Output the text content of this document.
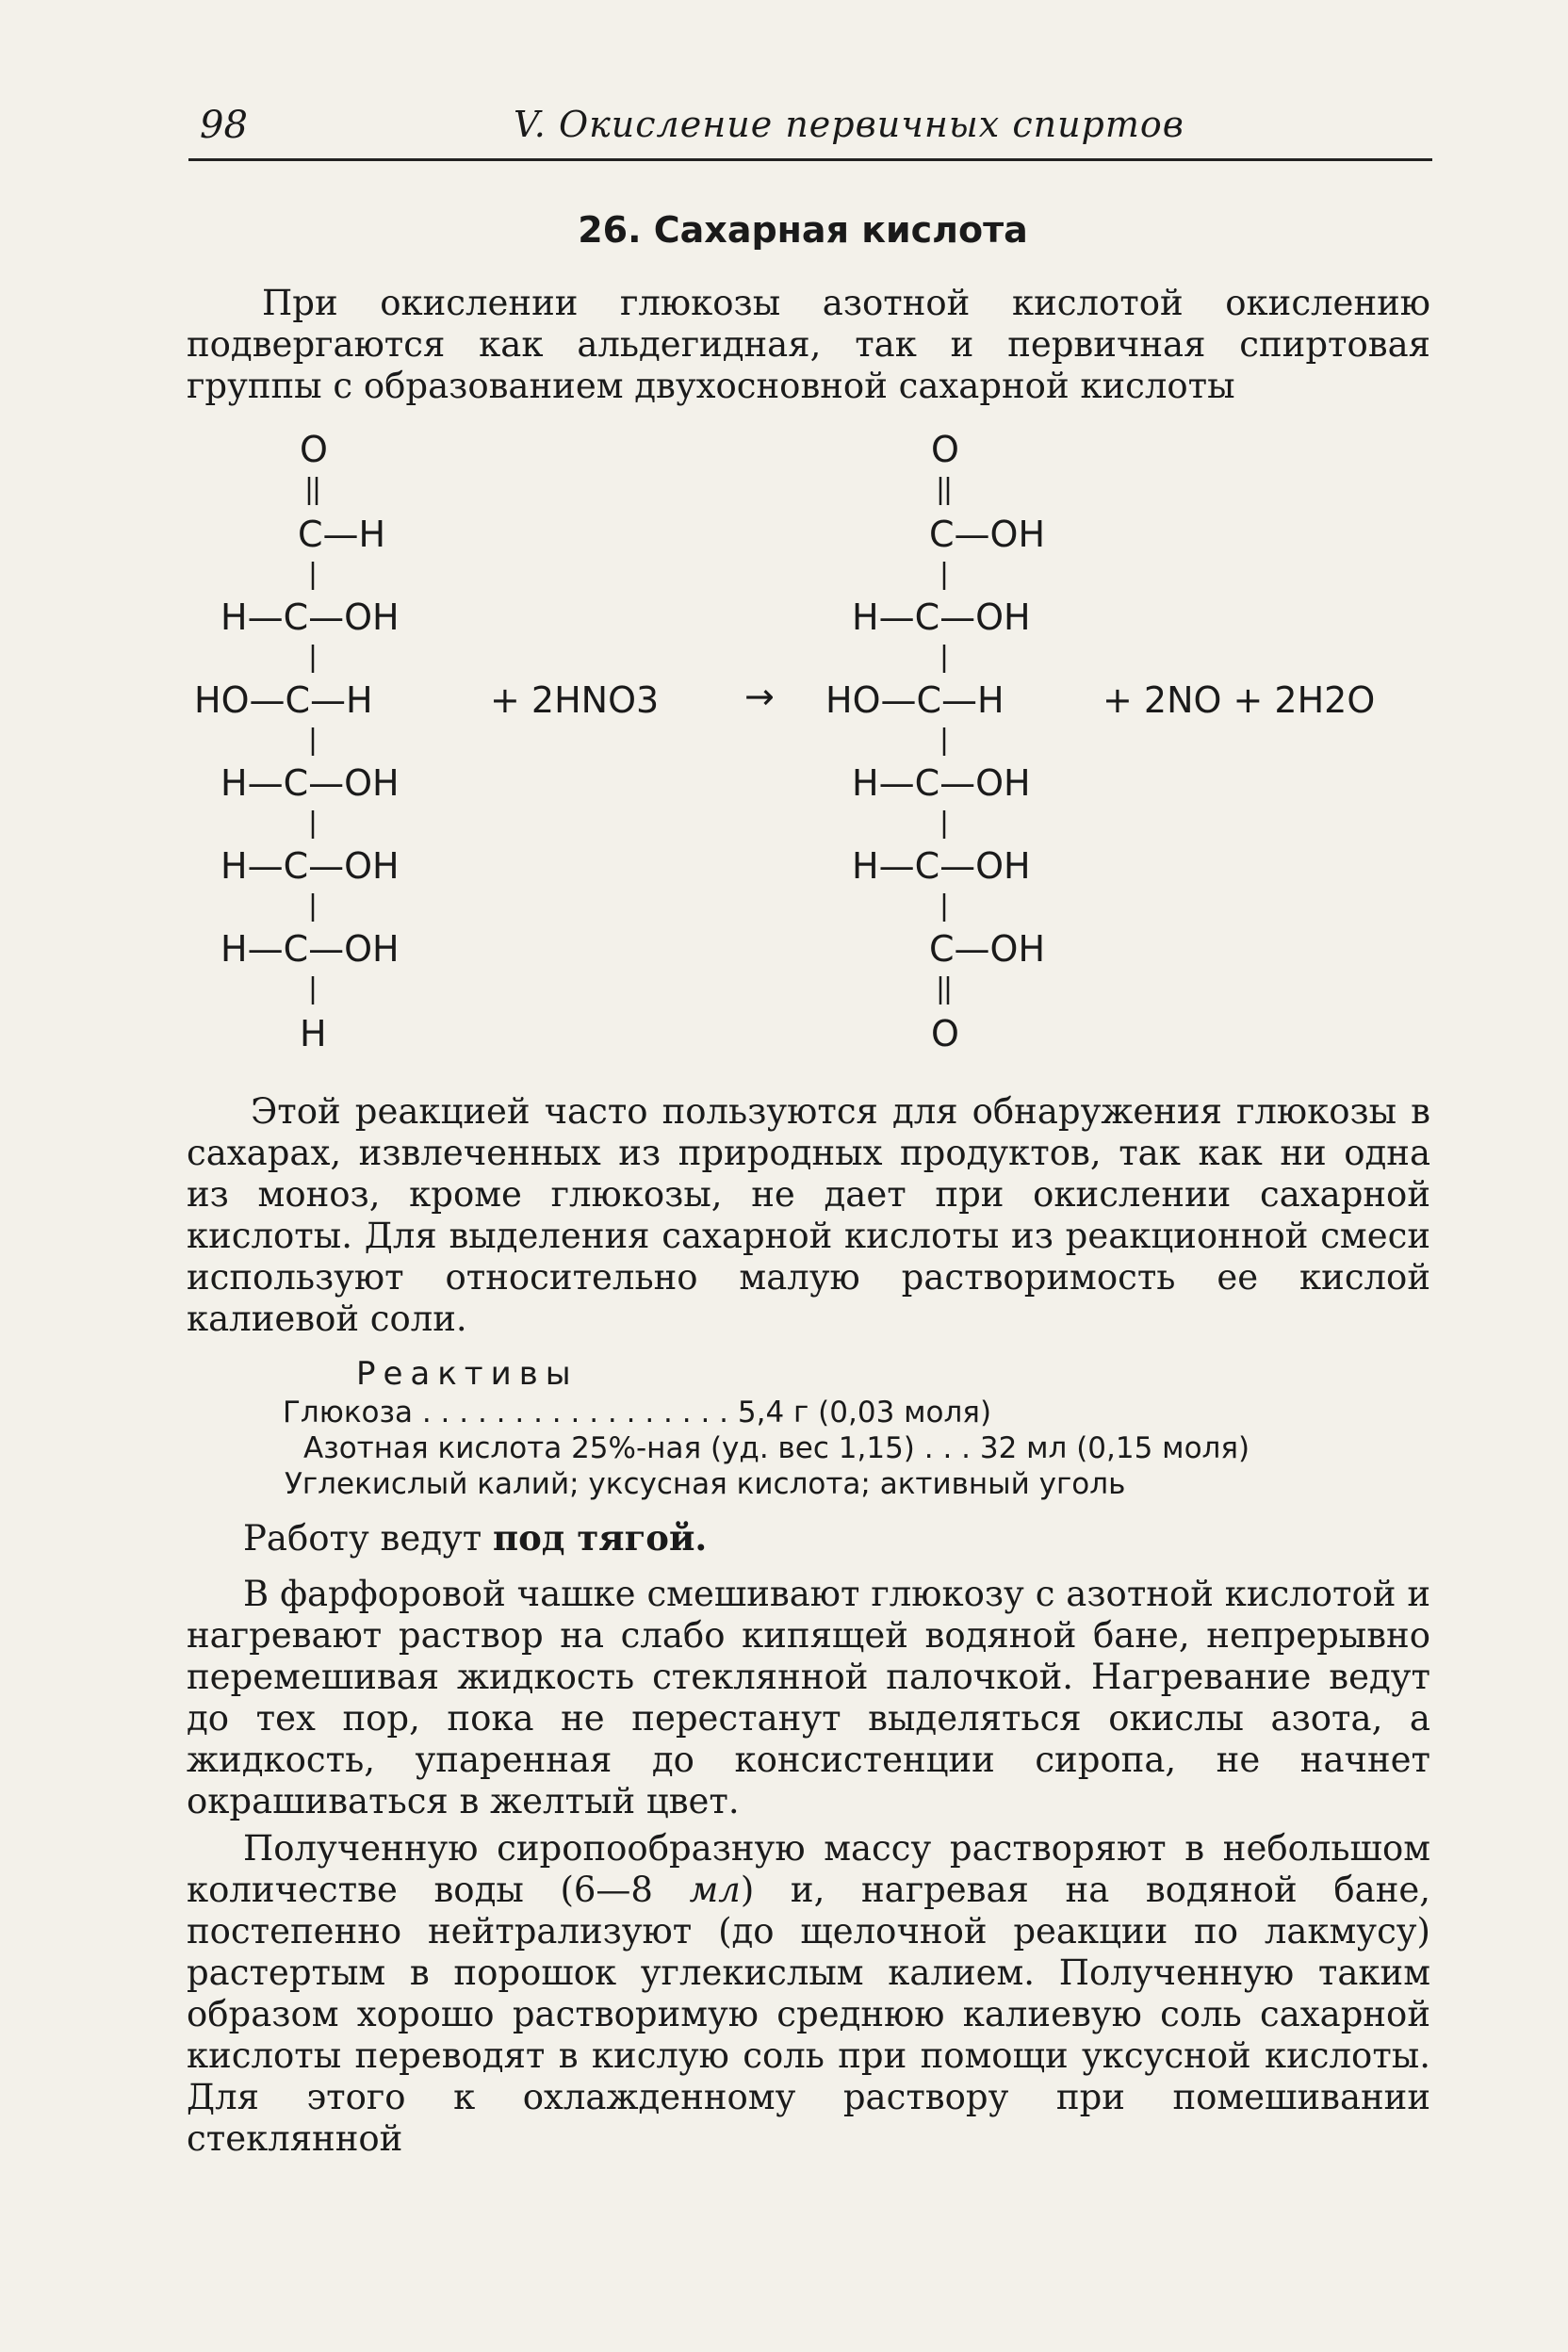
98	V. Окисление первичных спиртов
26. Сахарная кислота
При окислении глюкозы азотной кислотой окислению подвергаются как альдегидная, так и первичная спиртовая группы с образованием двухосновной сахарной кислоты
O
C—H
H—C—OH
HO—C—H
H—C—OH
H—C—OH
H—C—OH
H
+ 2HNO3 →
O
C—OH
H—C—OH
HO—C—H
H—C—OH
H—C—OH
C—OH
O
+ 2NO + 2H2O
Этой реакцией часто пользуются для обнаружения глюкозы в сахарах, извлеченных из природных продуктов, так как ни одна из моноз, кроме глюкозы, не дает при окислении сахарной кислоты. Для выделения сахарной кислоты из реакционной смеси используют относительно малую растворимость ее кислой калиевой соли.
Реактивы
Глюкоза . . . . . . . . . . . . . . . . . 5,4 г (0,03 моля)
Азотная кислота 25%-ная (уд. вес 1,15) . . . 32 мл (0,15 моля)
Углекислый калий; уксусная кислота; активный уголь
Работу ведут под тягой.
В фарфоровой чашке смешивают глюкозу с азотной кислотой и нагревают раствор на слабо кипящей водяной бане, непрерывно перемешивая жидкость стеклянной палочкой. Нагревание ведут до тех пор, пока не перестанут выделяться окислы азота, а жидкость, упаренная до консистенции сиропа, не начнет окрашиваться в желтый цвет.
Полученную сиропообразную массу растворяют в небольшом количестве воды (6—8 мл) и, нагревая на водяной бане, постепенно нейтрализуют (до щелочной реакции по лакмусу) растертым в порошок углекислым калием. Полученную таким образом хорошо растворимую среднюю калиевую соль сахарной кислоты переводят в кислую соль при помощи уксусной кислоты. Для этого к охлажденному раствору при помешивании стеклянной
